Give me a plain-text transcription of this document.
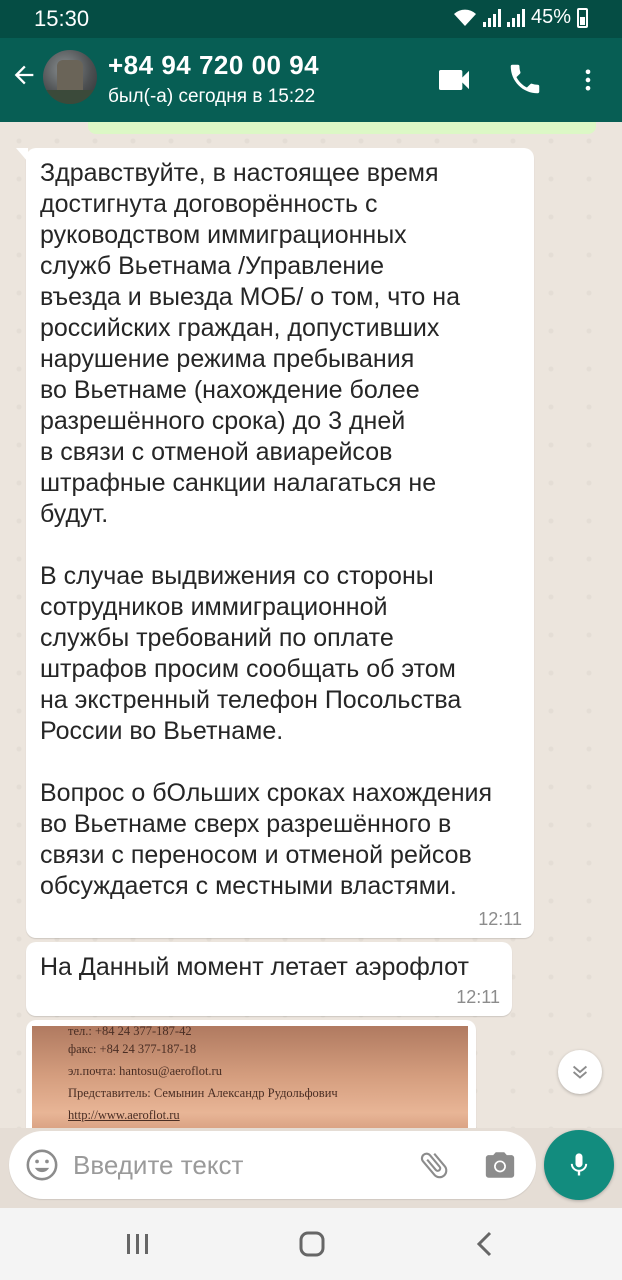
15:30	45%
+84 94 720 00 94
был(-а) сегодня в 15:22
Здравствуйте, в настоящее время
достигнута договорённость с
руководством иммиграционных
служб Вьетнама /Управление
въезда и выезда МОБ/ о том, что на
российских граждан, допустивших
нарушение режима пребывания
во Вьетнаме (нахождение более
разрешённого срока) до 3 дней
в связи с отменой авиарейсов
штрафные санкции налагаться не
будут.

В случае выдвижения со стороны
сотрудников иммиграционной
службы требований по оплате
штрафов просим сообщать об этом
на экстренный телефон Посольства
России во Вьетнаме.

Вопрос о бОльших сроках нахождения
во Вьетнаме сверх разрешённого в
связи с переносом и отменой рейсов
обсуждается с местными властями.
12:11
На Данный момент летает аэрофлот
12:11
тел.: +84 24 377-187-42
факс: +84 24 377-187-18
эл.почта: hantosu@aeroflot.ru
Представитель: Семынин Александр Рудольфович
http://www.aeroflot.ru
Введите текст
